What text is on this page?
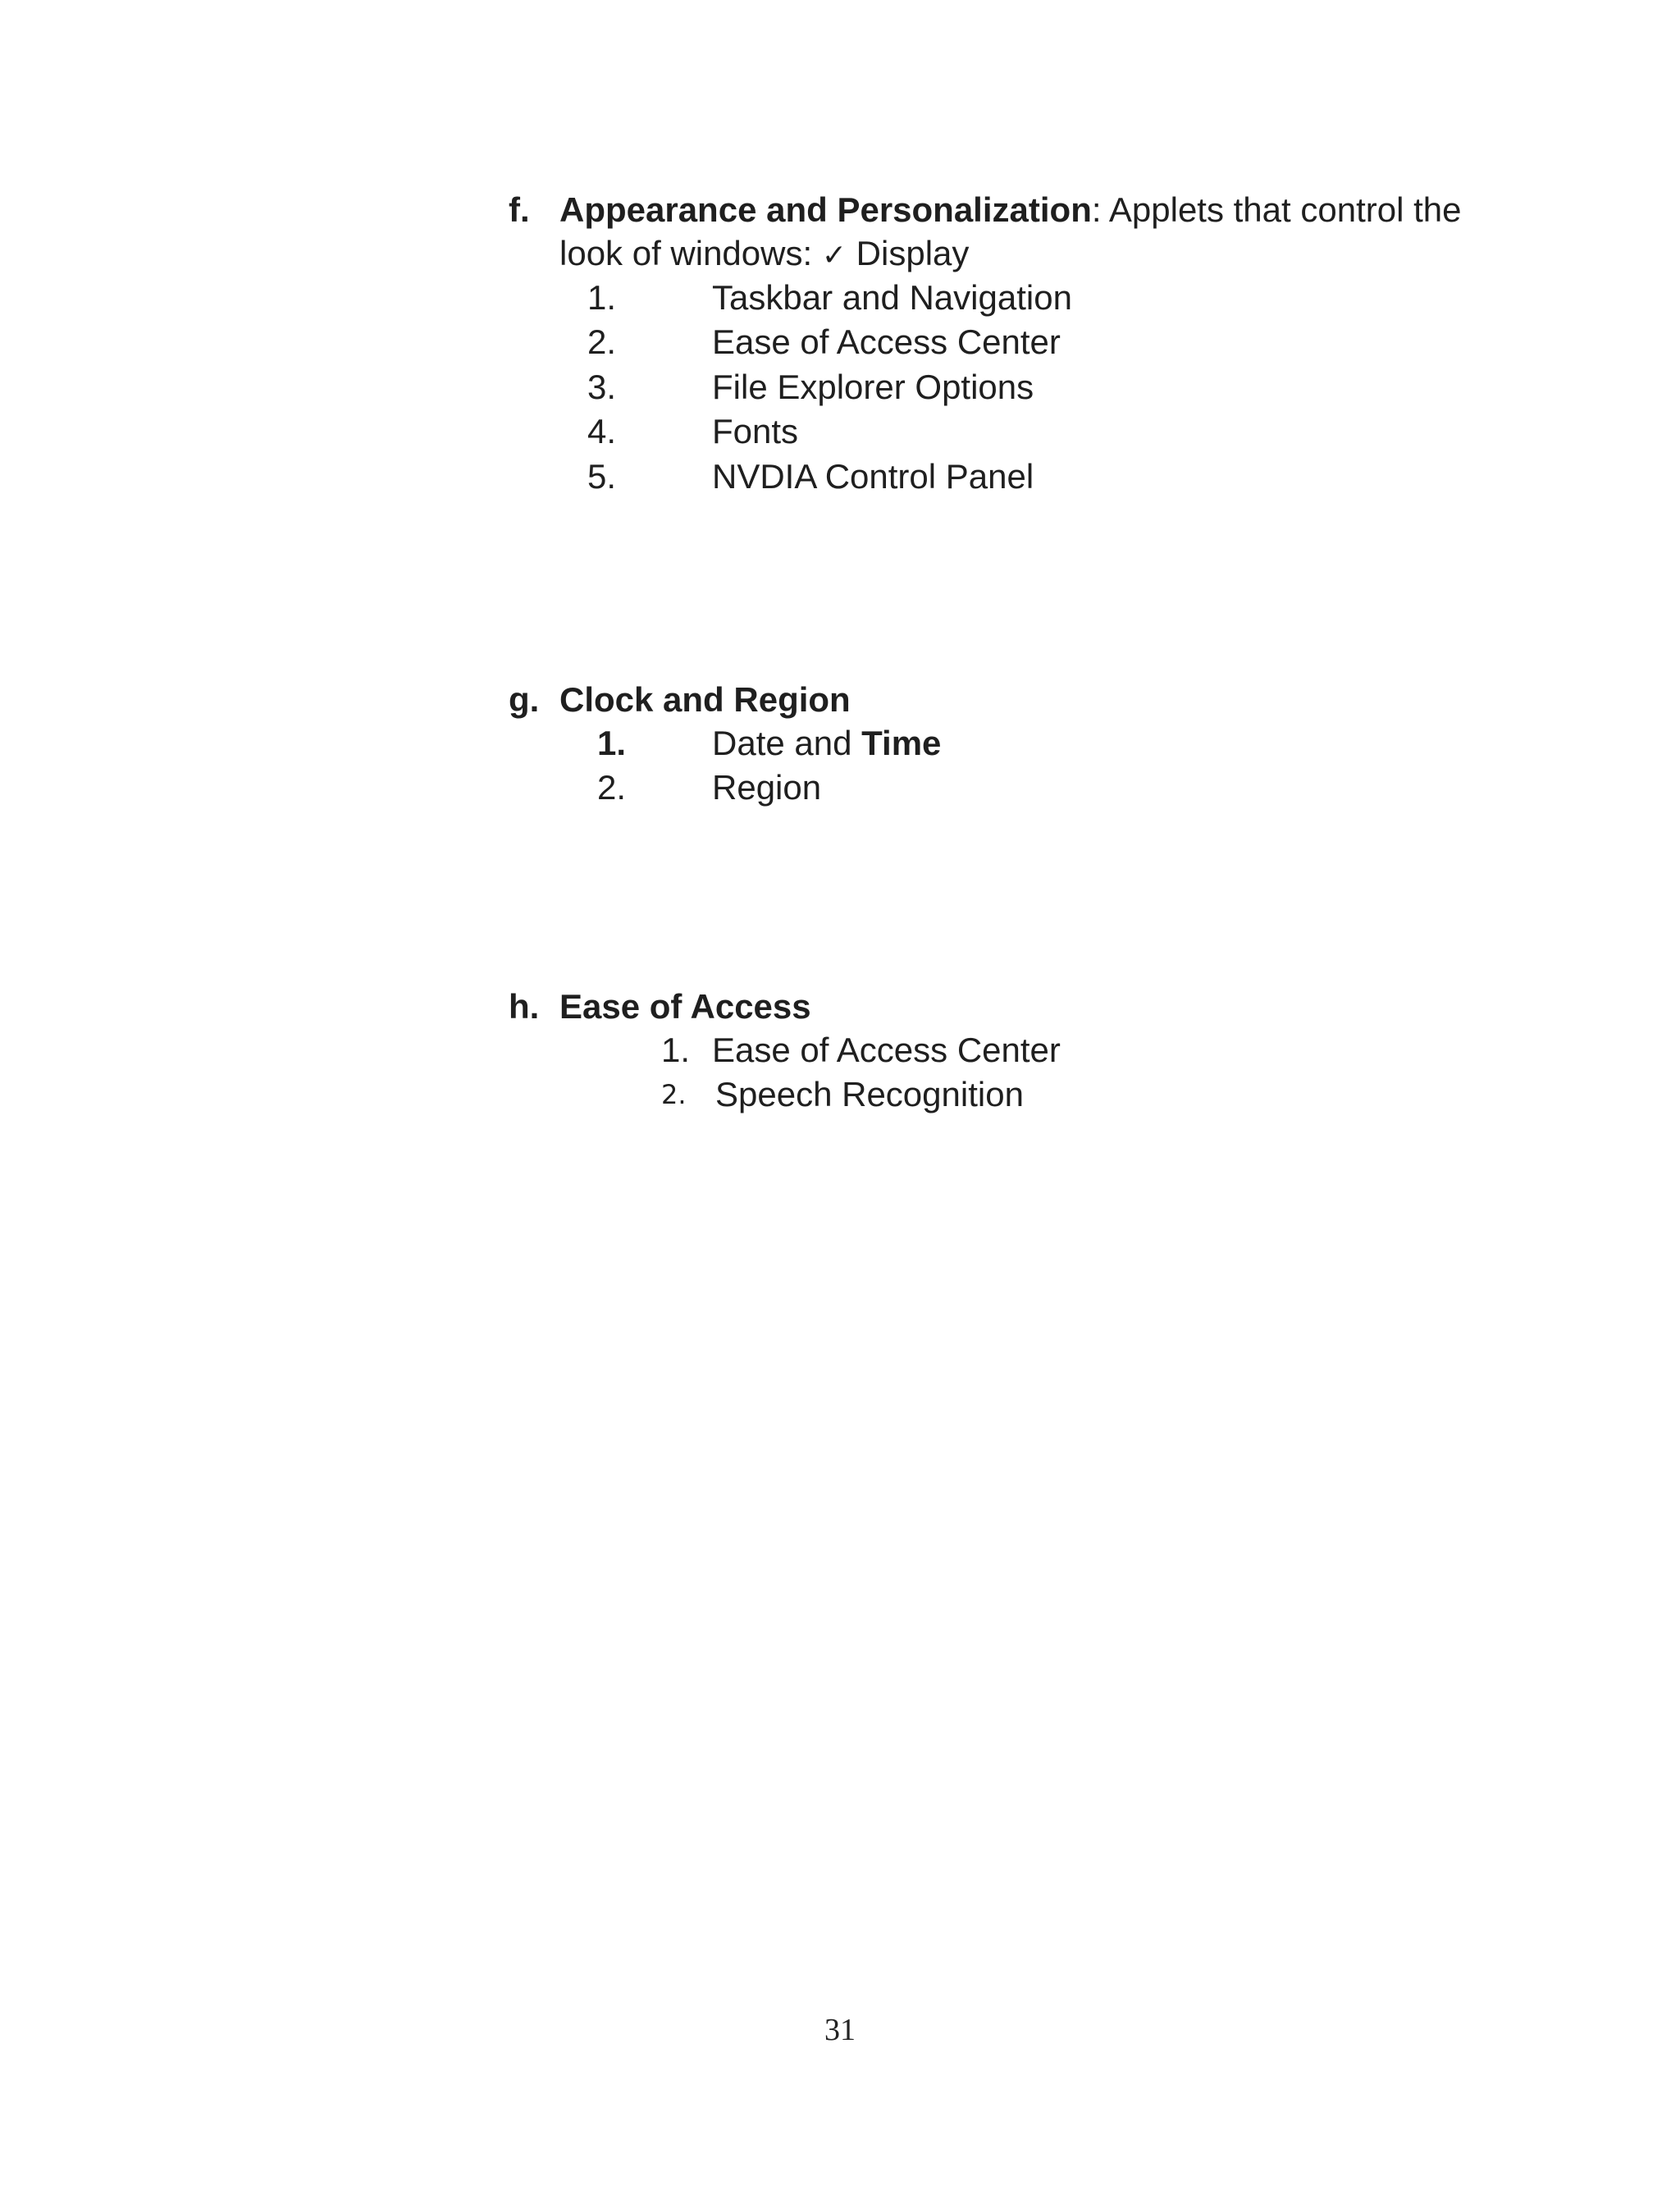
f. Appearance and Personalization: Applets that control the
look of windows: ✓ Display
1.	Taskbar and Navigation
2.	Ease of Access Center
3.	File Explorer Options
4.	Fonts
5.	NVDIA Control Panel
g. Clock and Region
1. Date and Time
2. Region
h. Ease of Access
1. Ease of Access Center
2. Speech Recognition
31
